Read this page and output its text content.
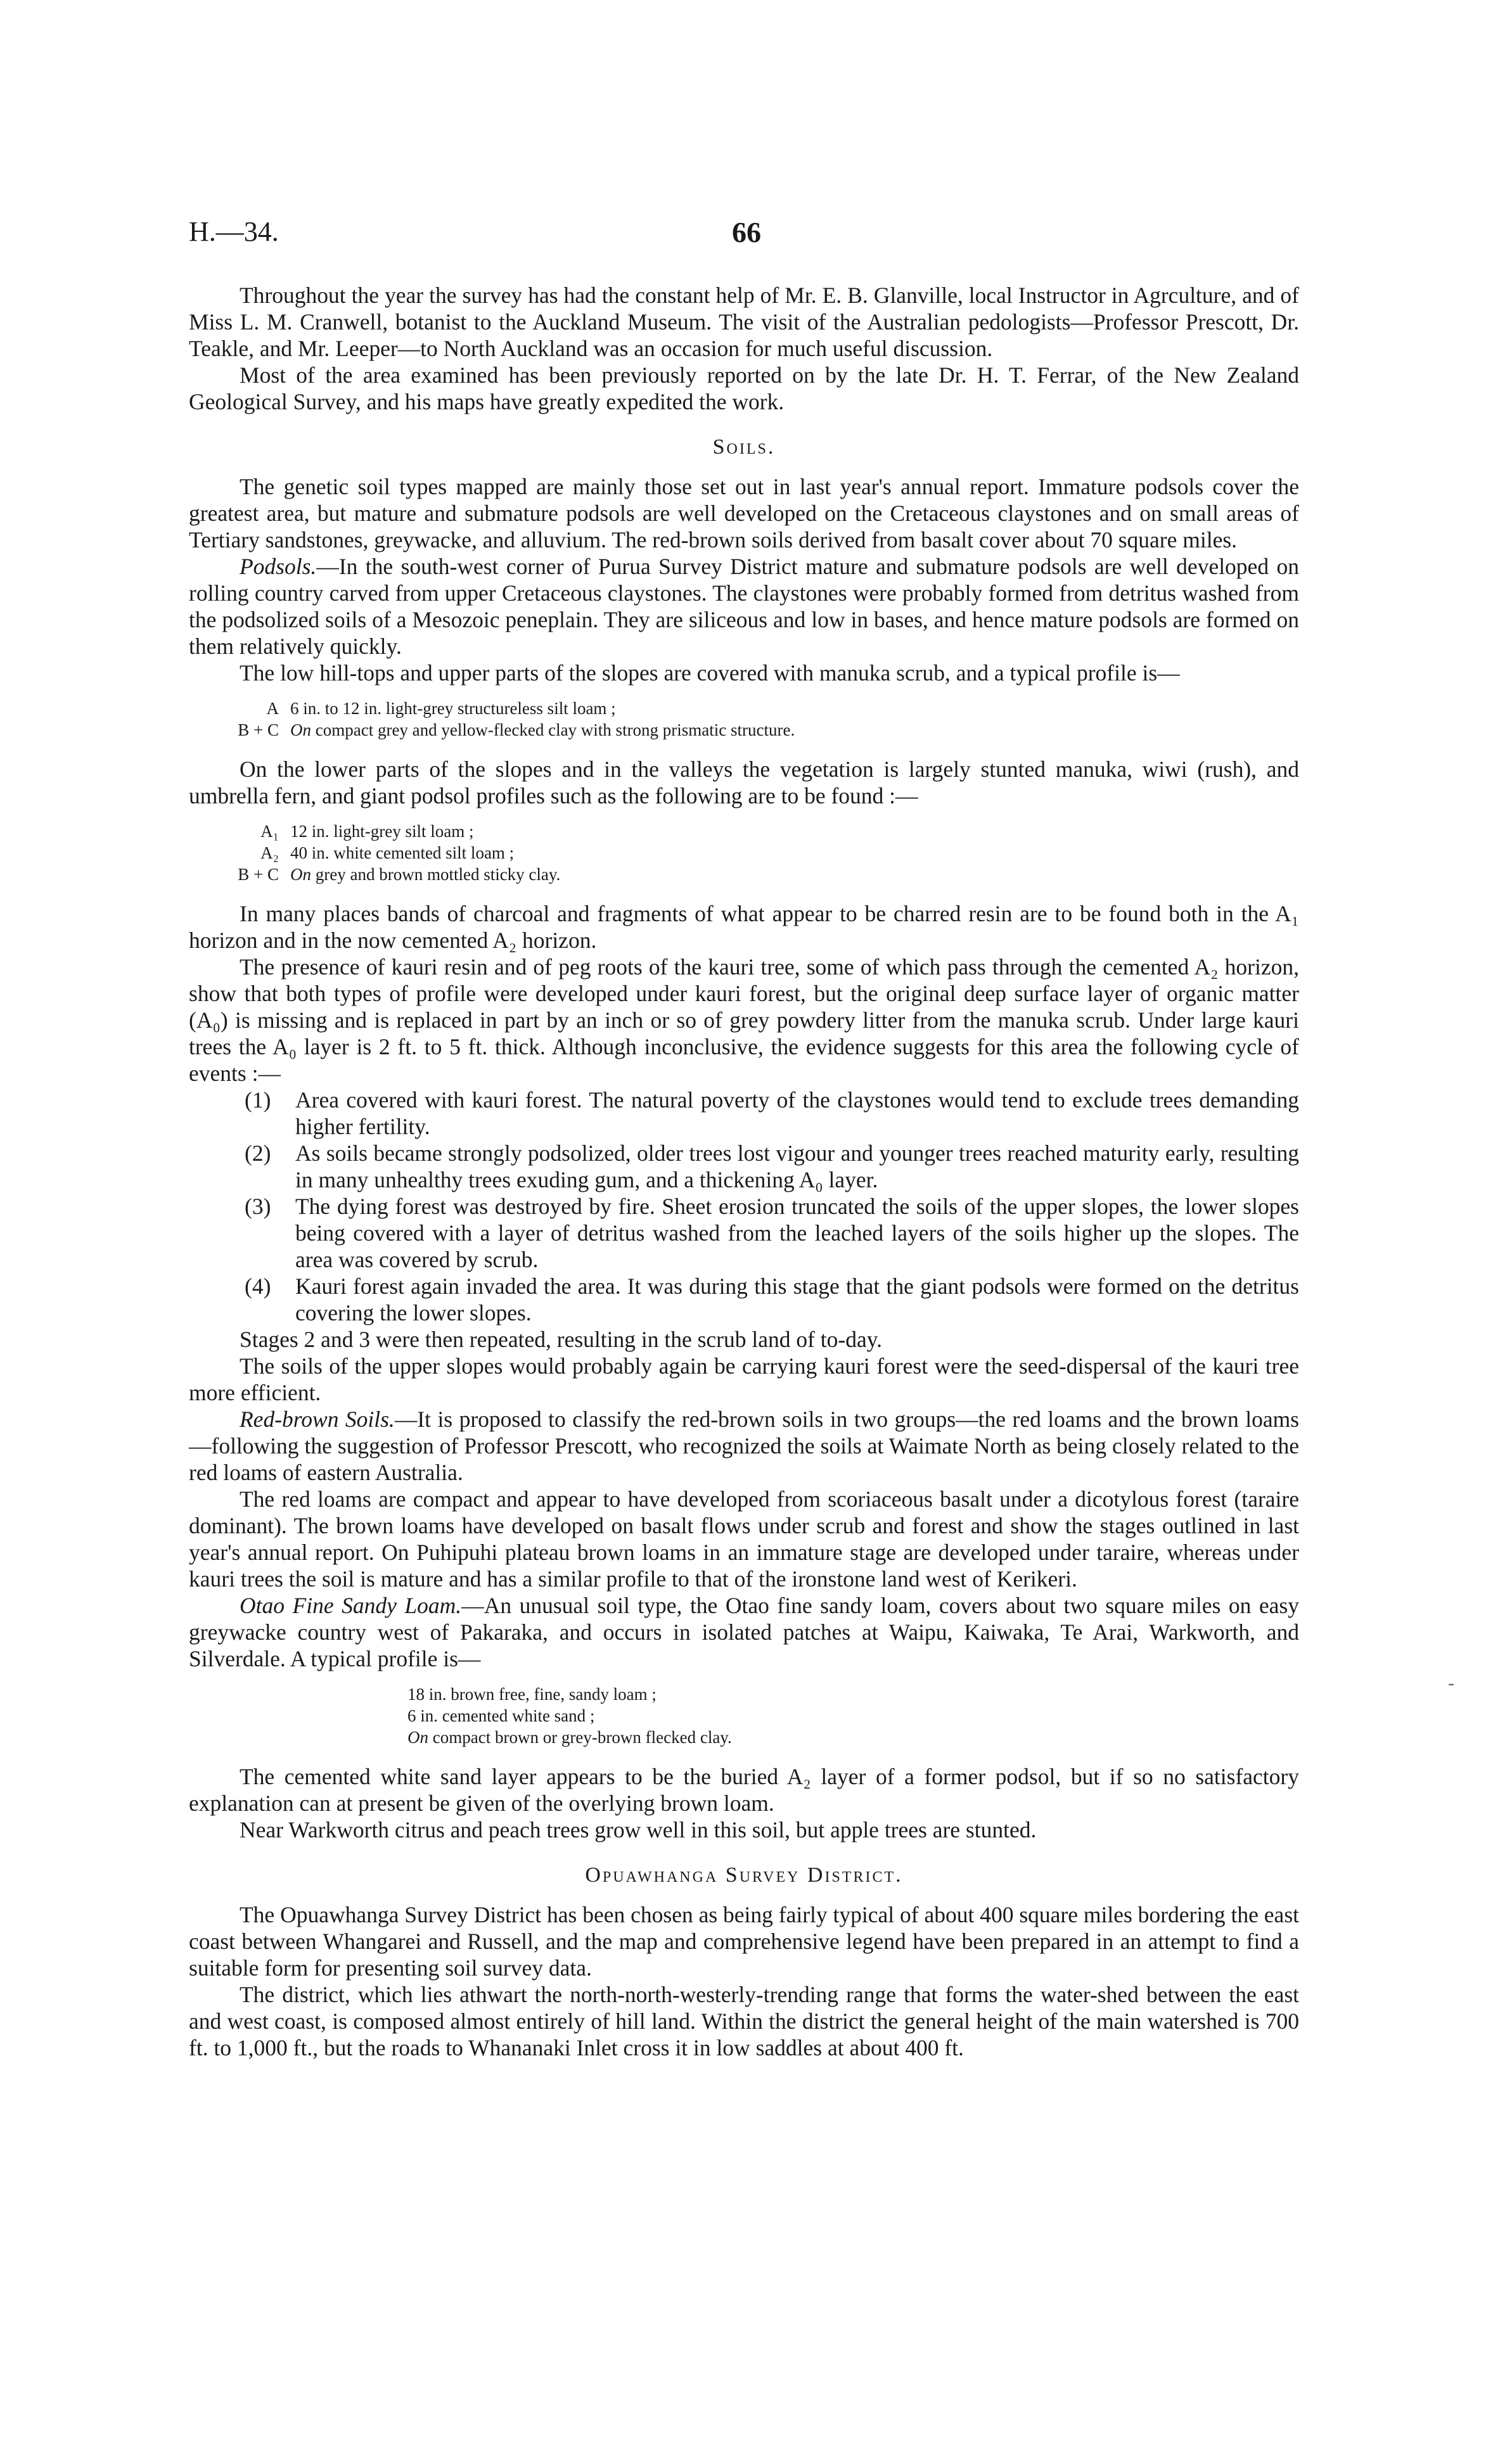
H.—34.	66

Throughout the year the survey has had the constant help of Mr. E. B. Glanville, local Instructor in Agrculture, and of Miss L. M. Cranwell, botanist to the Auckland Museum. The visit of the Australian pedologists—Professor Prescott, Dr. Teakle, and Mr. Leeper—to North Auckland was an occasion for much useful discussion.

Most of the area examined has been previously reported on by the late Dr. H. T. Ferrar, of the New Zealand Geological Survey, and his maps have greatly expedited the work.

Soils.

The genetic soil types mapped are mainly those set out in last year's annual report. Immature podsols cover the greatest area, but mature and submature podsols are well developed on the Cretaceous claystones and on small areas of Tertiary sandstones, greywacke, and alluvium. The red-brown soils derived from basalt cover about 70 square miles.

Podsols.—In the south-west corner of Purua Survey District mature and submature podsols are well developed on rolling country carved from upper Cretaceous claystones. The claystones were probably formed from detritus washed from the podsolized soils of a Mesozoic peneplain. They are siliceous and low in bases, and hence mature podsols are formed on them relatively quickly.

The low hill-tops and upper parts of the slopes are covered with manuka scrub, and a typical profile is—

A 6 in. to 12 in. light-grey structureless silt loam ;
B + C On compact grey and yellow-flecked clay with strong prismatic structure.

On the lower parts of the slopes and in the valleys the vegetation is largely stunted manuka, wiwi (rush), and umbrella fern, and giant podsol profiles such as the following are to be found :—

A₁ 12 in. light-grey silt loam ;
A₂ 40 in. white cemented silt loam ;
B + C On grey and brown mottled sticky clay.

In many places bands of charcoal and fragments of what appear to be charred resin are to be found both in the A₁ horizon and in the now cemented A₂ horizon.

The presence of kauri resin and of peg roots of the kauri tree, some of which pass through the cemented A₂ horizon, show that both types of profile were developed under kauri forest, but the original deep surface layer of organic matter (A₀) is missing and is replaced in part by an inch or so of grey powdery litter from the manuka scrub. Under large kauri trees the A₀ layer is 2 ft. to 5 ft. thick. Although inconclusive, the evidence suggests for this area the following cycle of events :—

(1) Area covered with kauri forest. The natural poverty of the claystones would tend to exclude trees demanding higher fertility.
(2) As soils became strongly podsolized, older trees lost vigour and younger trees reached maturity early, resulting in many unhealthy trees exuding gum, and a thickening A₀ layer.
(3) The dying forest was destroyed by fire. Sheet erosion truncated the soils of the upper slopes, the lower slopes being covered with a layer of detritus washed from the leached layers of the soils higher up the slopes. The area was covered by scrub.
(4) Kauri forest again invaded the area. It was during this stage that the giant podsols were formed on the detritus covering the lower slopes.

Stages 2 and 3 were then repeated, resulting in the scrub land of to-day.

The soils of the upper slopes would probably again be carrying kauri forest were the seed-dispersal of the kauri tree more efficient.

Red-brown Soils.—It is proposed to classify the red-brown soils in two groups—the red loams and the brown loams—following the suggestion of Professor Prescott, who recognized the soils at Waimate North as being closely related to the red loams of eastern Australia.

The red loams are compact and appear to have developed from scoriaceous basalt under a dicotylous forest (taraire dominant). The brown loams have developed on basalt flows under scrub and forest and show the stages outlined in last year's annual report. On Puhipuhi plateau brown loams in an immature stage are developed under taraire, whereas under kauri trees the soil is mature and has a similar profile to that of the ironstone land west of Kerikeri.

Otao Fine Sandy Loam.—An unusual soil type, the Otao fine sandy loam, covers about two square miles on easy greywacke country west of Pakaraka, and occurs in isolated patches at Waipu, Kaiwaka, Te Arai, Warkworth, and Silverdale. A typical profile is—

18 in. brown free, fine, sandy loam ;
6 in. cemented white sand ;
On compact brown or grey-brown flecked clay.

The cemented white sand layer appears to be the buried A₂ layer of a former podsol, but if so no satisfactory explanation can at present be given of the overlying brown loam.

Near Warkworth citrus and peach trees grow well in this soil, but apple trees are stunted.

Opuawhanga Survey District.

The Opuawhanga Survey District has been chosen as being fairly typical of about 400 square miles bordering the east coast between Whangarei and Russell, and the map and comprehensive legend have been prepared in an attempt to find a suitable form for presenting soil survey data.

The district, which lies athwart the north-north-westerly-trending range that forms the water-shed between the east and west coast, is composed almost entirely of hill land. Within the district the general height of the main watershed is 700 ft. to 1,000 ft., but the roads to Whananaki Inlet cross it in low saddles at about 400 ft.

‐
